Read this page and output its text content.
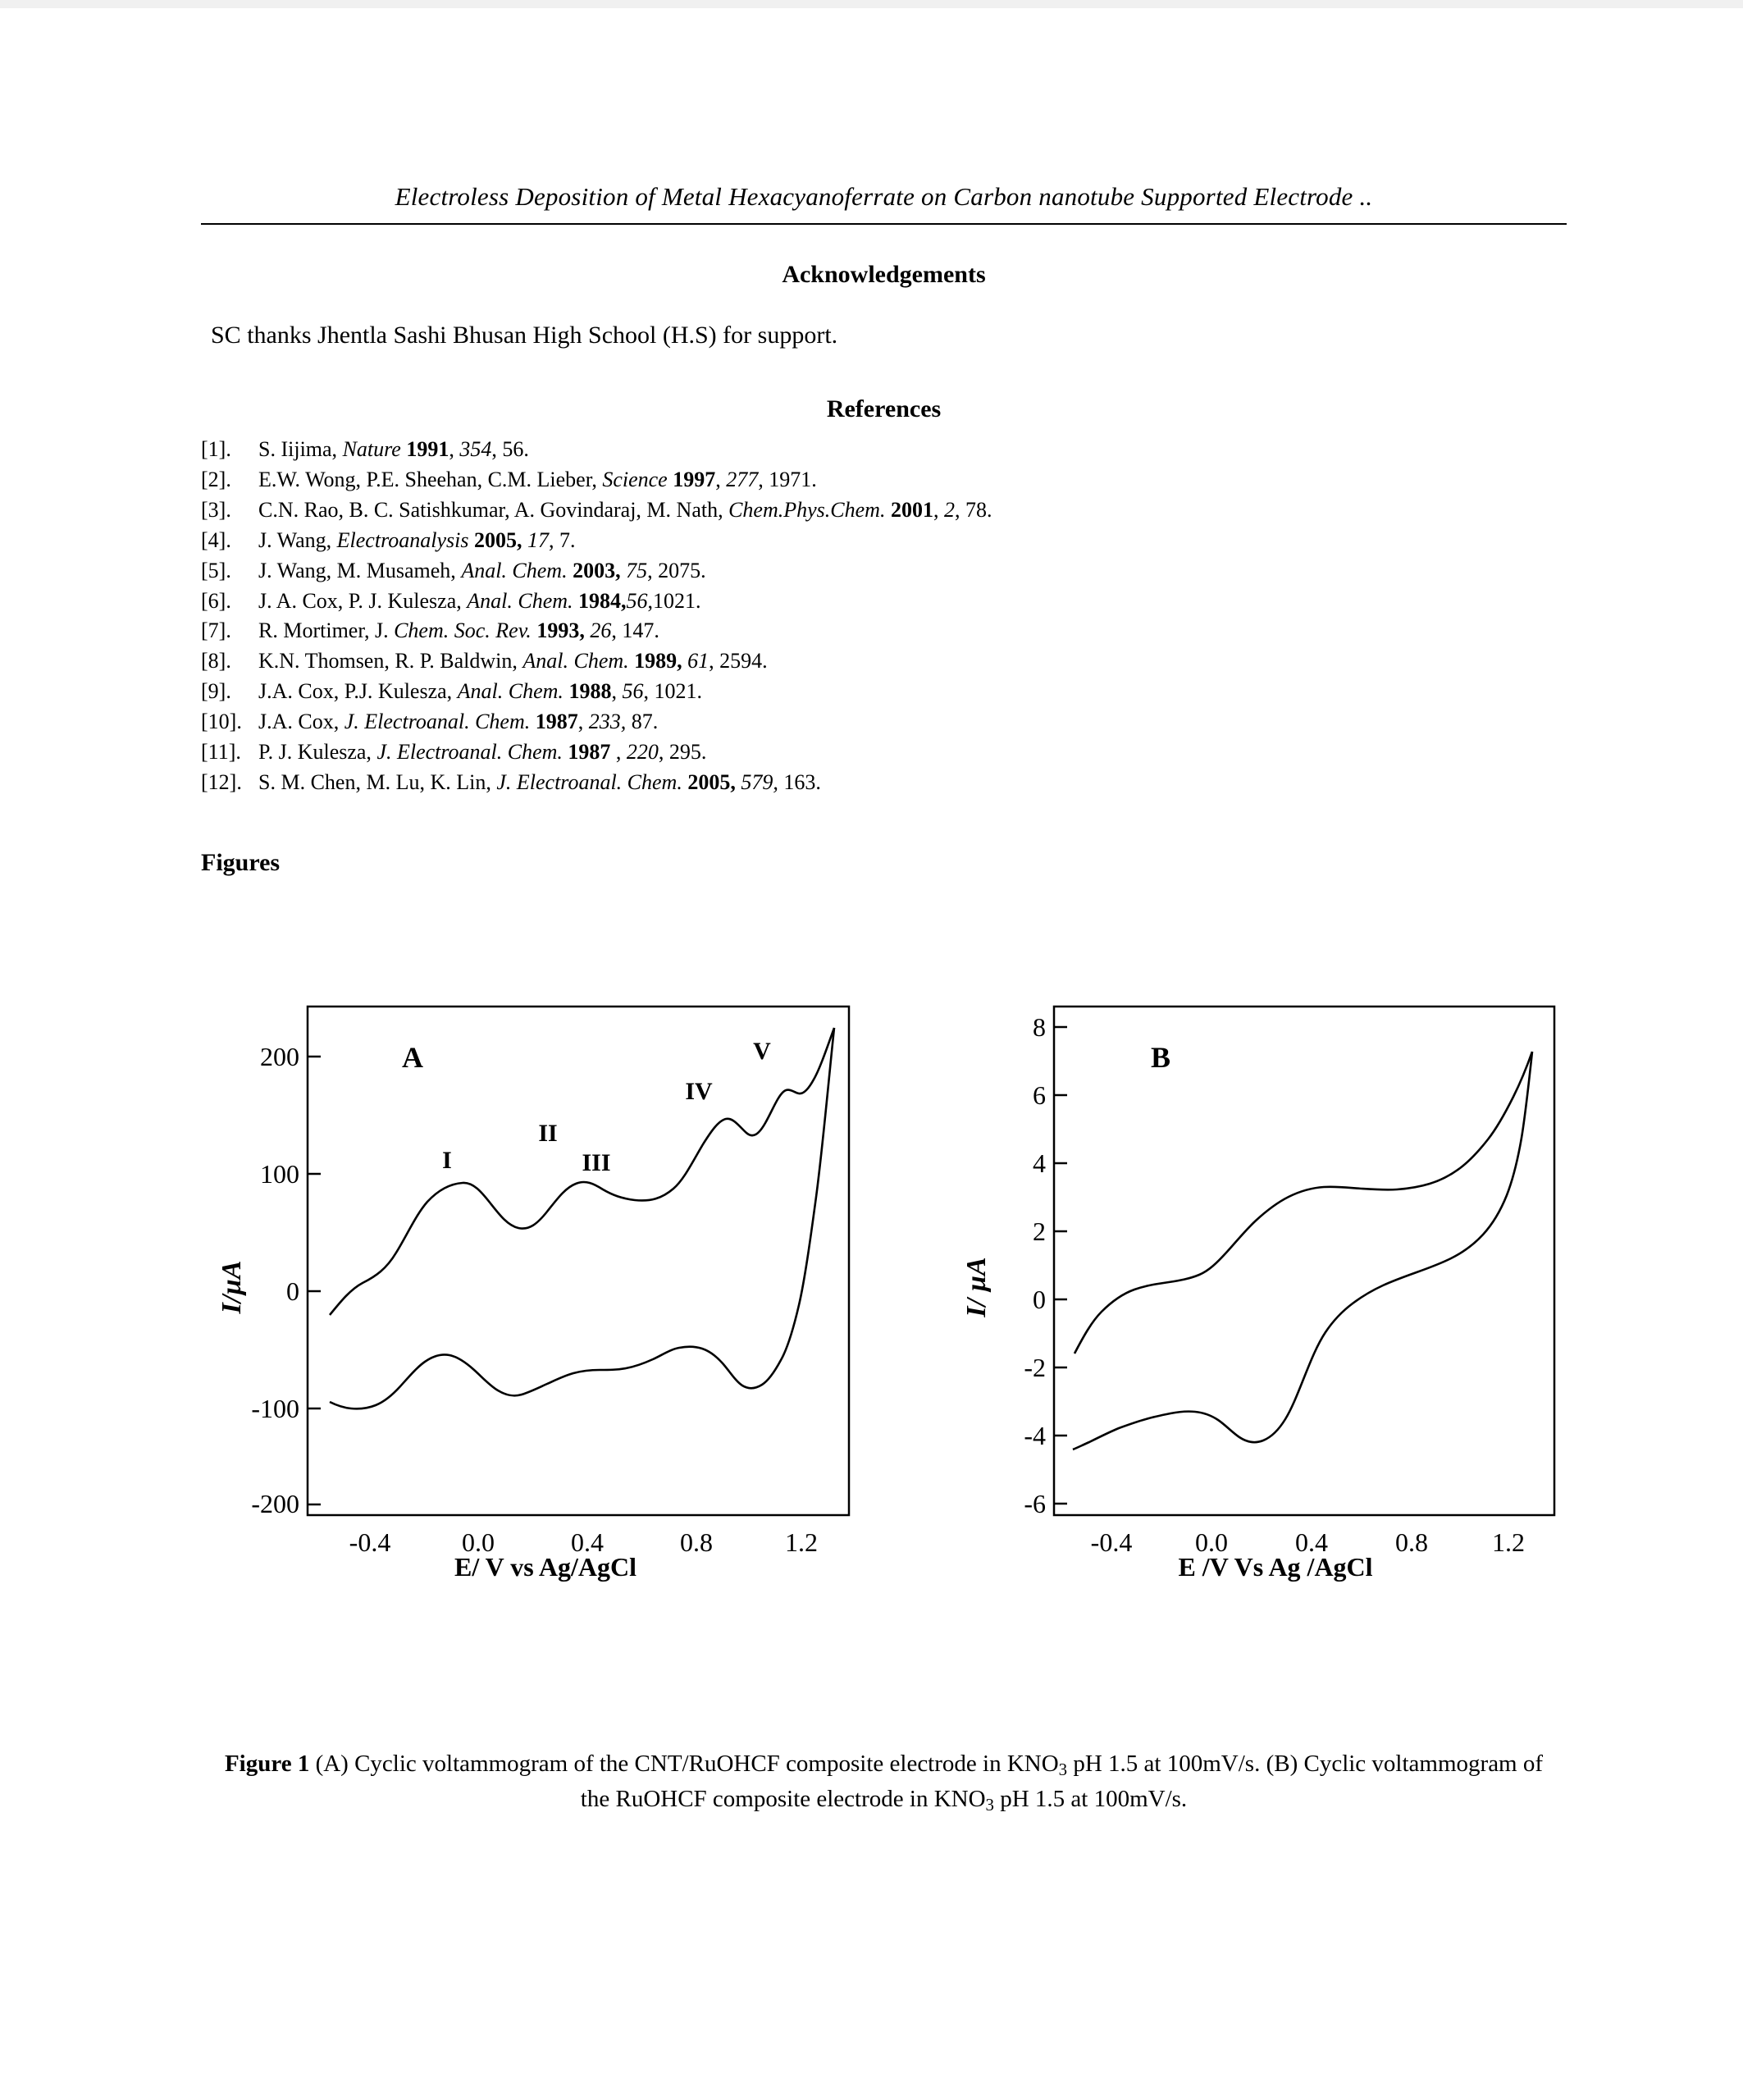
Electroless Deposition of Metal Hexacyanoferrate on Carbon nanotube Supported Electrode ..
Acknowledgements
SC thanks Jhentla Sashi Bhusan High School (H.S) for support.
References
[1].	S. Iijima, Nature 1991, 354, 56.
[2].	E.W. Wong, P.E. Sheehan, C.M. Lieber, Science 1997, 277, 1971.
[3].	C.N. Rao, B. C. Satishkumar, A. Govindaraj, M. Nath, Chem.Phys.Chem. 2001, 2, 78.
[4].	J. Wang, Electroanalysis 2005, 17, 7.
[5].	J. Wang, M. Musameh, Anal. Chem. 2003, 75, 2075.
[6].	J. A. Cox, P. J. Kulesza, Anal. Chem. 1984,56,1021.
[7].	R. Mortimer, J. Chem. Soc. Rev. 1993, 26, 147.
[8].	K.N. Thomsen, R. P. Baldwin, Anal. Chem. 1989, 61, 2594.
[9].	J.A. Cox, P.J. Kulesza, Anal. Chem. 1988, 56, 1021.
[10]. J.A. Cox, J. Electroanal. Chem. 1987, 233, 87.
[11]. P. J. Kulesza, J. Electroanal. Chem. 1987 , 220, 295.
[12]. S. M. Chen, M. Lu, K. Lin, J. Electroanal. Chem. 2005, 579, 163.
Figures
200
100
0
-100
-200
-0.4	0.0	0.4	0.8	1.2
I/µA
A
I
II
III
IV
V
E/ V vs Ag/AgCl
8
6
4
2
0
-2
-4
-6
-0.4 0.0	0.4	0.8 1.2
I/ µA
B
E /V Vs Ag /AgCl
Figure 1 (A) Cyclic voltammogram of the CNT/RuOHCF composite electrode in $KNO_3$ pH 1.5 at 100mV/s. (B) Cyclic voltammogram of the RuOHCF composite electrode in $KNO_3$ pH 1.5 at 100mV/s.
